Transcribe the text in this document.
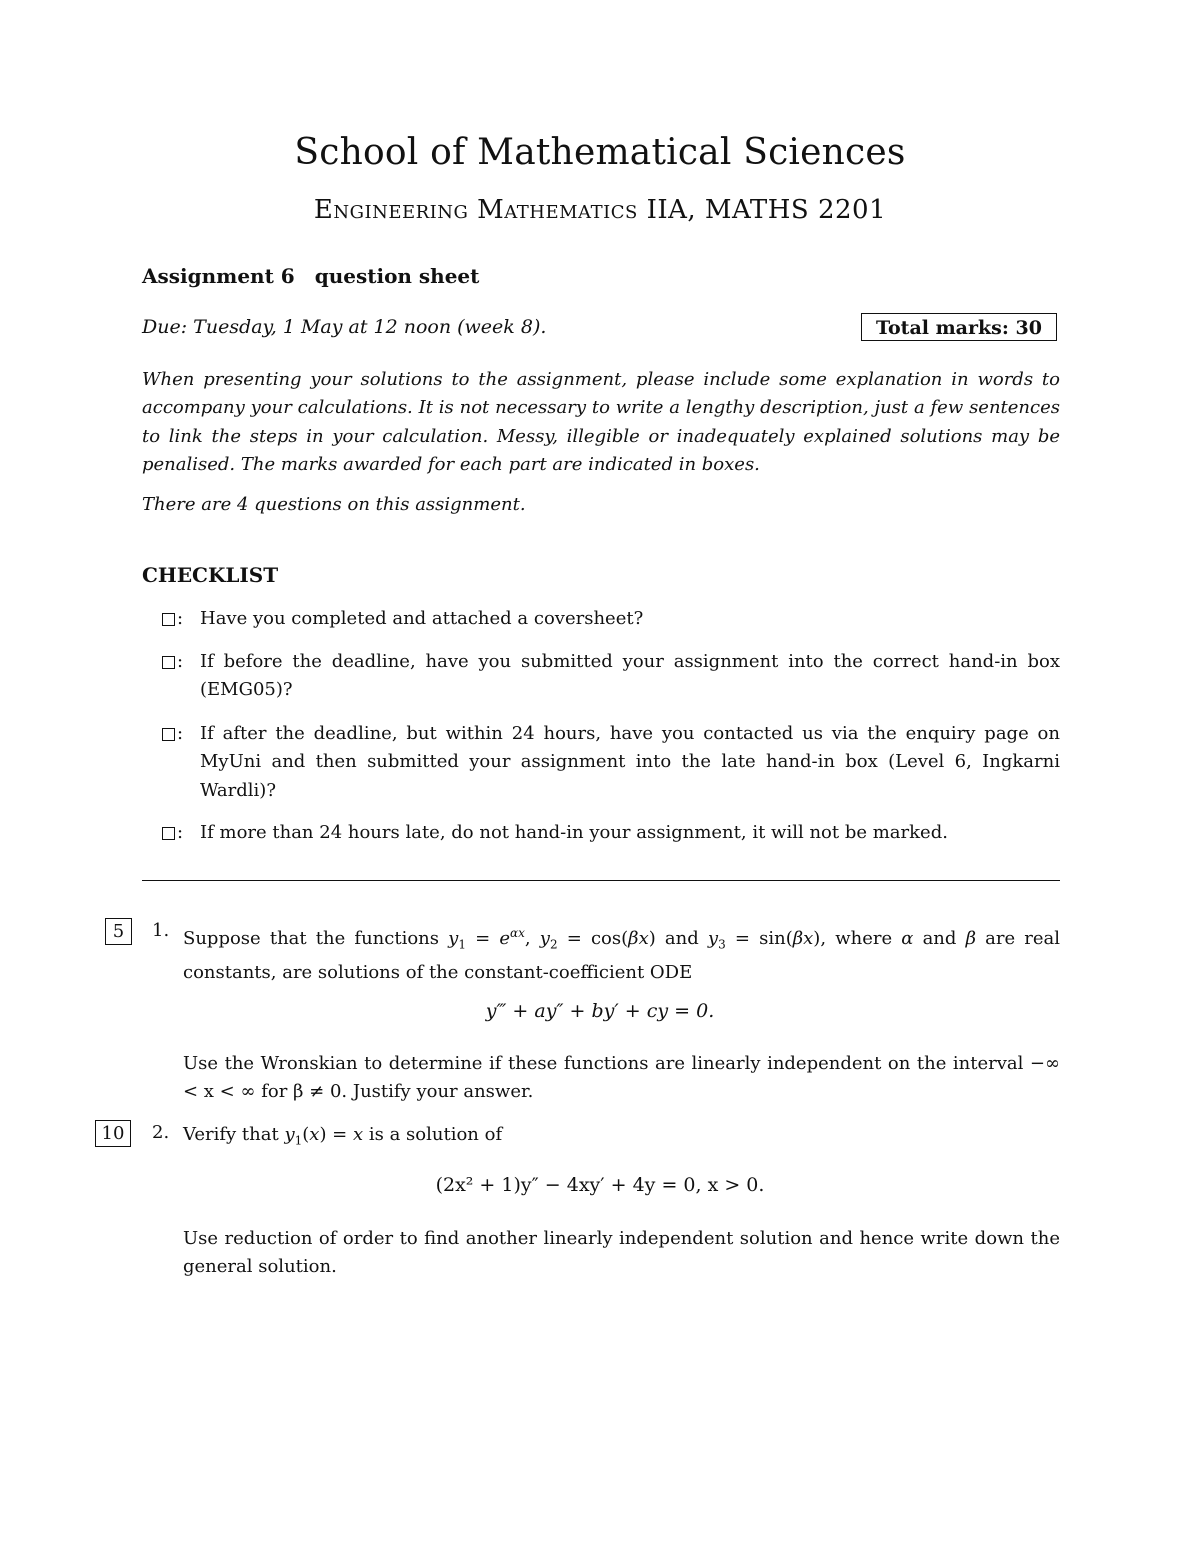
School of Mathematical Sciences
Engineering Mathematics IIA, MATHS 2201
Assignment 6 question sheet
Due: Tuesday, 1 May at 12 noon (week 8).	Total marks: 30
When presenting your solutions to the assignment, please include some explanation in words to accompany your calculations. It is not necessary to write a lengthy description, just a few sentences to link the steps in your calculation. Messy, illegible or inadequately explained solutions may be penalised. The marks awarded for each part are indicated in boxes.
There are 4 questions on this assignment.
CHECKLIST
: Have you completed and attached a coversheet?
: If before the deadline, have you submitted your assignment into the correct hand-in box (EMG05)?
: If after the deadline, but within 24 hours, have you contacted us via the enquiry page on MyUni and then submitted your assignment into the late hand-in box (Level 6, Ingkarni Wardli)?
: If more than 24 hours late, do not hand-in your assignment, it will not be marked.
5	1. Suppose that the functions $y_1 = e^{\alpha x}$, $y_2 = \cos(\beta x)$ and $y_3 = \sin(\beta x)$, where α and β are real constants, are solutions of the constant-coefficient ODE
y‴ + ay″ + by′ + cy = 0.
Use the Wronskian to determine if these functions are linearly independent on the interval −∞ < x < ∞ for β ≠ 0. Justify your answer.
10	2. Verify that $y_1(x) = x$ is a solution of
(2x² + 1)y″ − 4xy′ + 4y = 0, x > 0.
Use reduction of order to find another linearly independent solution and hence write down the general solution.
